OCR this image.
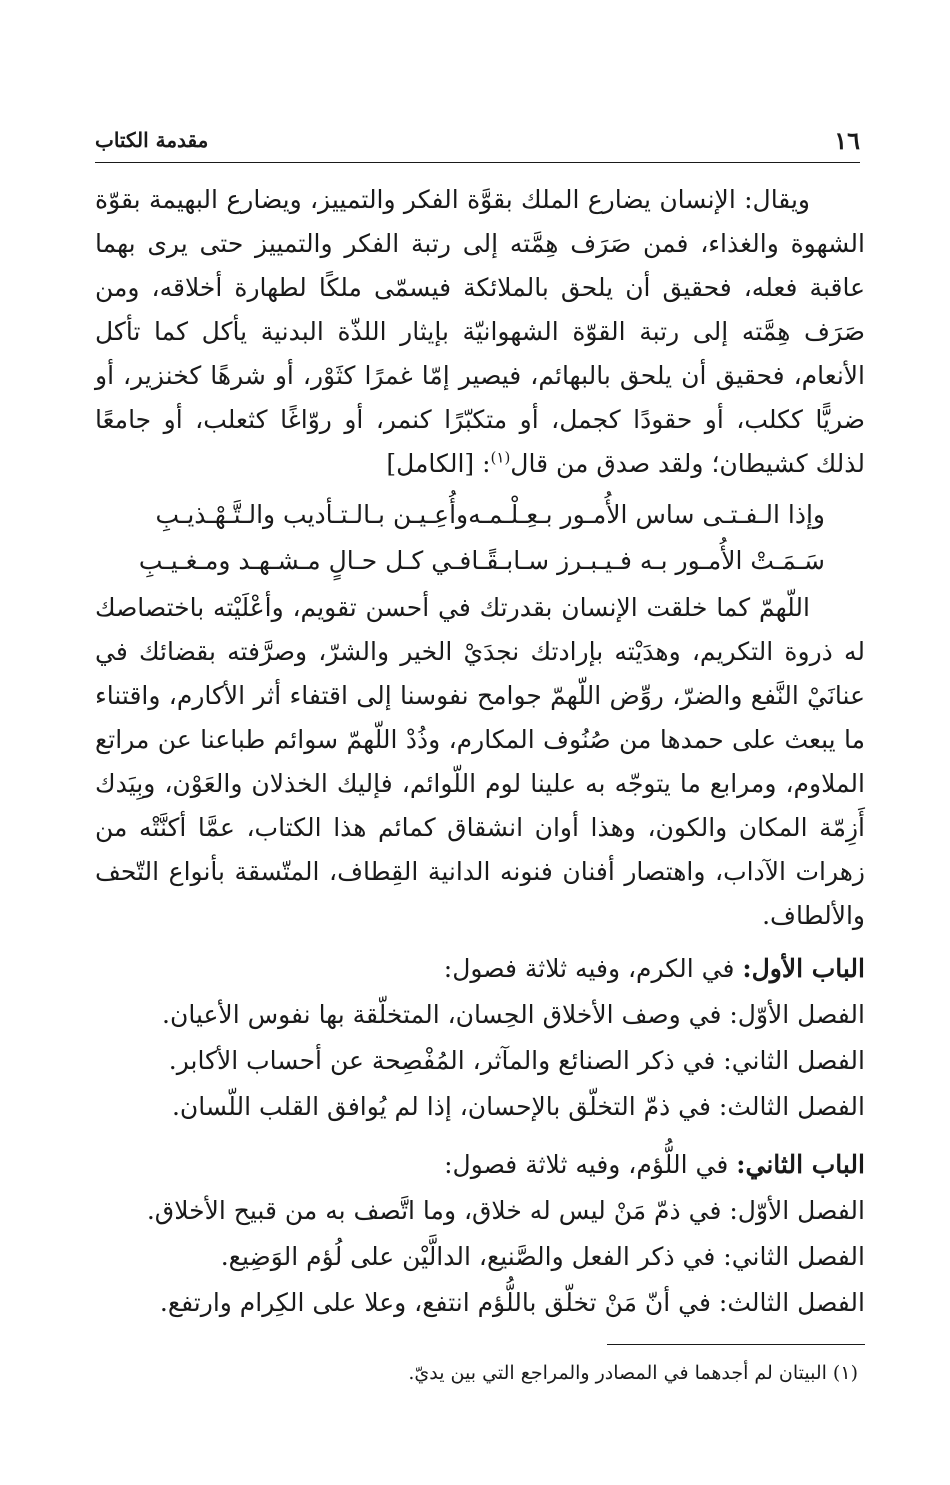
١٦
مقدمة الكتاب

ويقال: الإنسان يضارع الملك بقوَّة الفكر والتمييز، ويضارع البهيمة بقوّة الشهوة والغذاء، فمن صَرَف هِمَّته إلى رتبة الفكر والتمييز حتى يرى بهما عاقبة فعله، فحقيق أن يلحق بالملائكة فيسمّى ملكًا لطهارة أخلاقه، ومن صَرَف هِمَّته إلى رتبة القوّة الشهوانيّة بإيثار اللذّة البدنية يأكل كما تأكل الأنعام، فحقيق أن يلحق بالبهائم، فيصير إمّا غمرًا كثَوْر، أو شرهًا كخنزير، أو ضريًّا ككلب، أو حقودًا كجمل، أو متكبّرًا كنمر، أو روّاغًا كثعلب، أو جامعًا لذلك كشيطان؛ ولقد صدق من قال$^{(١)}$: [الكامل]

وإذا الـفـتـى ساس الأُمـور بـعِـلْـمـه
وأُعِـيـن بـالـتـأديب والـتَّـهْـذيـبِ
سَـمَـتْ الأُمـور بـه فـيـبـرز سـابـقًـا
فـي كـل حـالٍ مـشـهـد ومـغـيـبِ

اللّهمّ كما خلقت الإنسان بقدرتك في أحسن تقويم، وأعْلَيْته باختصاصك له ذروة التكريم، وهدَيْته بإرادتك نجدَيْ الخير والشرّ، وصرَّفته بقضائك في عنانَيْ النَّفع والضرّ، روِّض اللّهمّ جوامح نفوسنا إلى اقتفاء أثر الأكارم، واقتناء ما يبعث على حمدها من صُنُوف المكارم، وذُدْ اللّهمّ سوائم طباعنا عن مراتع الملاوم، ومرابع ما يتوجّه به علينا لوم اللّوائم، فإليك الخذلان والعَوْن، وبِيَدك أَزِمّة المكان والكون، وهذا أوان انشقاق كمائم هذا الكتاب، عمَّا أكنَّتْه من زهرات الآداب، واهتصار أفنان فنونه الدانية القِطاف، المتّسقة بأنواع التّحف والألطاف.

الباب الأول: في الكرم، وفيه ثلاثة فصول:

الفصل الأوّل: في وصف الأخلاق الحِسان، المتخلّقة بها نفوس الأعيان.

الفصل الثاني: في ذكر الصنائع والمآثر، المُفْصِحة عن أحساب الأكابر.

الفصل الثالث: في ذمّ التخلّق بالإحسان، إذا لم يُوافق القلب اللّسان.

الباب الثاني: في اللُّؤم، وفيه ثلاثة فصول:

الفصل الأوّل: في ذمّ مَنْ ليس له خلاق، وما اتَّصف به من قبيح الأخلاق.

الفصل الثاني: في ذكر الفعل والصَّنيع، الدالَّيْن على لُؤم الوَضِيع.

الفصل الثالث: في أنّ مَنْ تخلّق باللُّؤم انتفع، وعلا على الكِرام وارتفع.

(١) البيتان لم أجدهما في المصادر والمراجع التي بين يديّ.
